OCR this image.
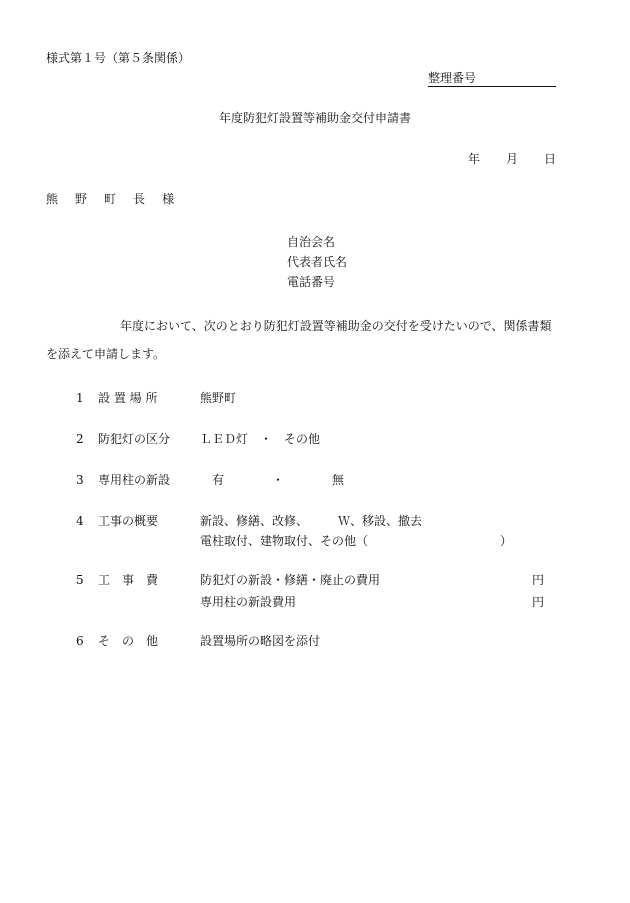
様式第１号（第５条関係）
整理番号
年度防犯灯設置等補助金交付申請書
年 月 日
熊 野 町 長 様
自治会名
代表者氏名
電話番号
年度において、次のとおり防犯灯設置等補助金の交付を受けたいので、関係書類
を添えて申請します。
1 設 置 場 所	熊野町
2 防犯灯の区分 ＬＥＤ灯　・　その他
3 専用柱の新設	有　　　　・　　　　無
4 工事の概要	新設、修繕、改修、　　　Ｗ、移設、撤去
電柱取付、建物取付、その他（　　　　　　　　　　　）
5 工　事　費	防犯灯の新設・修繕・廃止の費用	円
専用柱の新設費用	円
6 そ　の　他	設置場所の略図を添付
